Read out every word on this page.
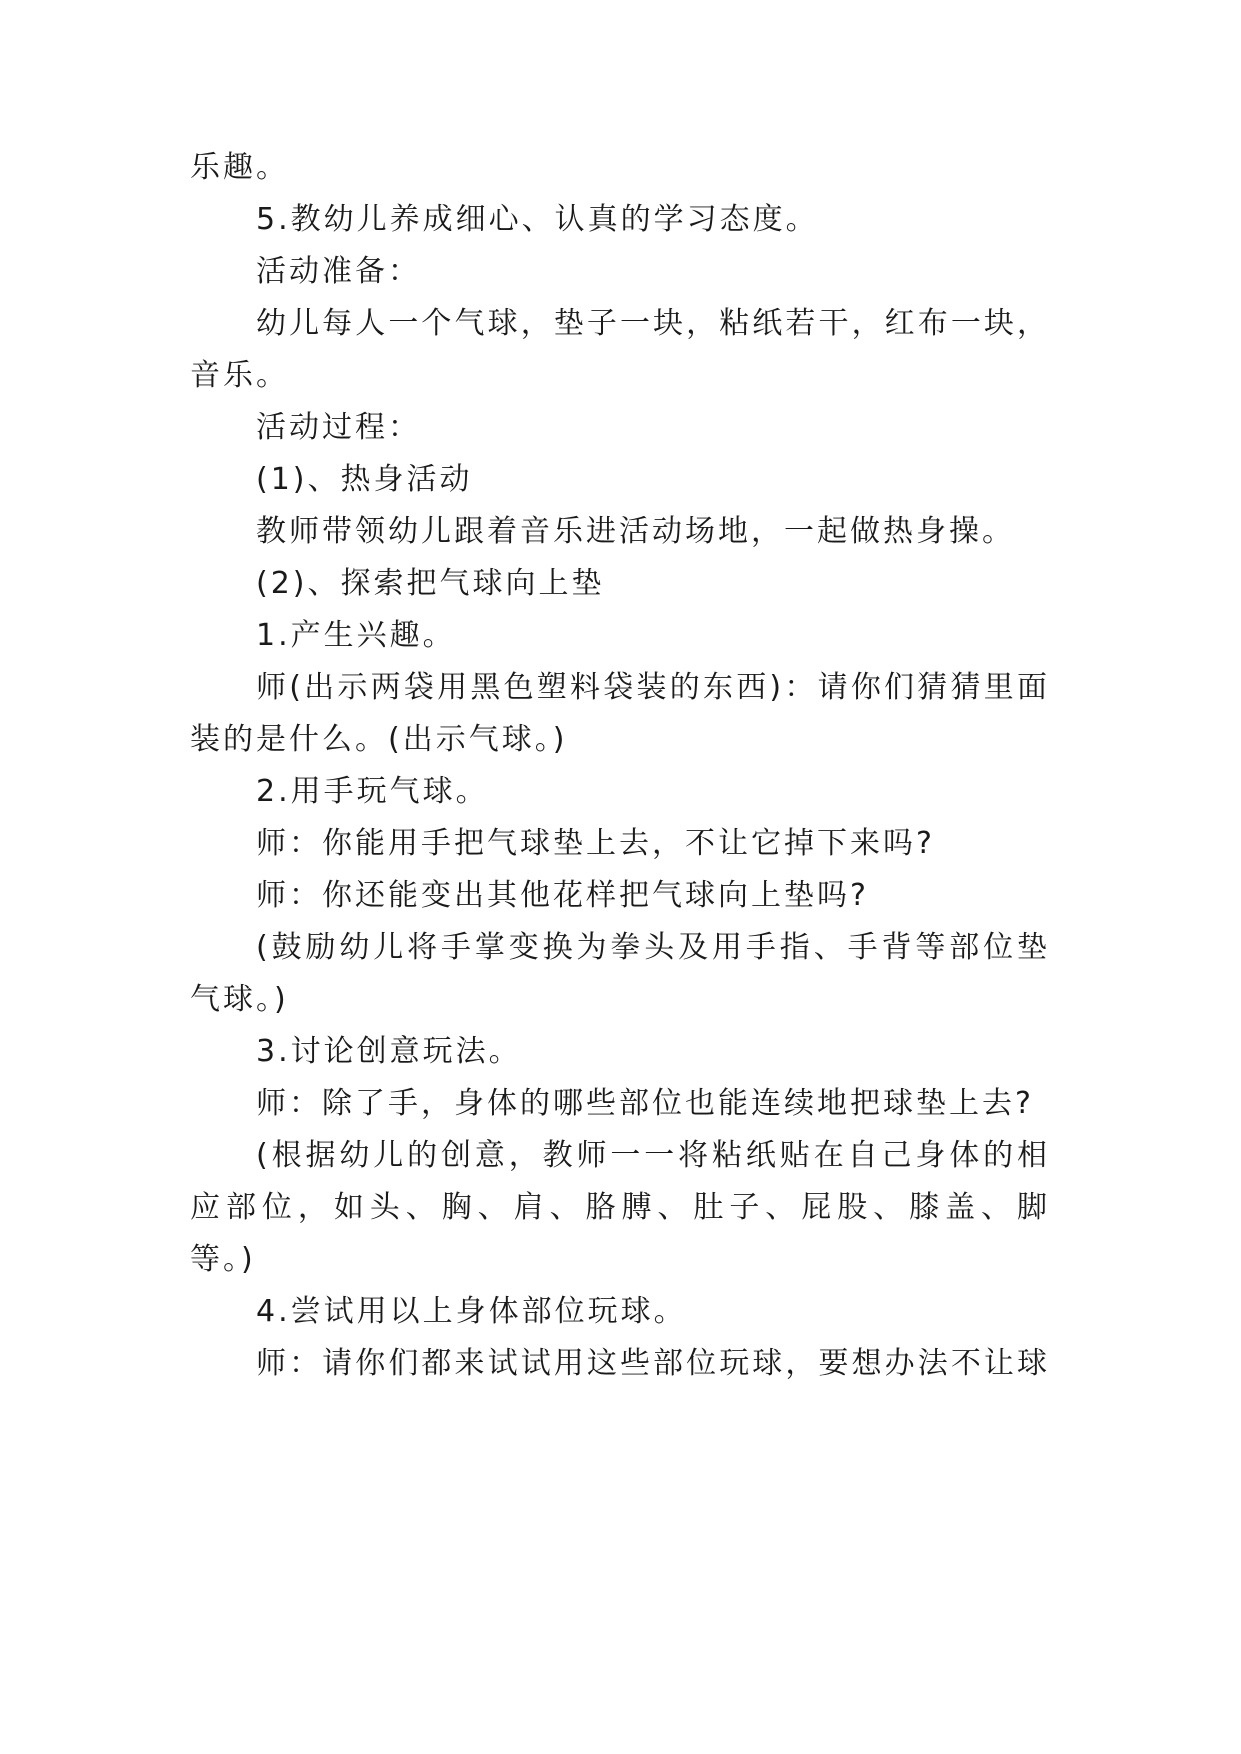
乐趣。
5.教幼儿养成细心、认真的学习态度。
活动准备：
幼儿每人一个气球，垫子一块，粘纸若干，红布一块，
音乐。
活动过程：
(1)、热身活动
教师带领幼儿跟着音乐进活动场地，一起做热身操。
(2)、探索把气球向上垫
1.产生兴趣。
师(出示两袋用黑色塑料袋装的东西)：请你们猜猜里面
装的是什么。(出示气球。)
2.用手玩气球。
师：你能用手把气球垫上去，不让它掉下来吗?
师：你还能变出其他花样把气球向上垫吗?
(鼓励幼儿将手掌变换为拳头及用手指、手背等部位垫
气球。)
3.讨论创意玩法。
师：除了手，身体的哪些部位也能连续地把球垫上去?
(根据幼儿的创意，教师一一将粘纸贴在自己身体的相
应部位，如头、胸、肩、胳膊、肚子、屁股、膝盖、脚
等。)
4.尝试用以上身体部位玩球。
师：请你们都来试试用这些部位玩球，要想办法不让球
